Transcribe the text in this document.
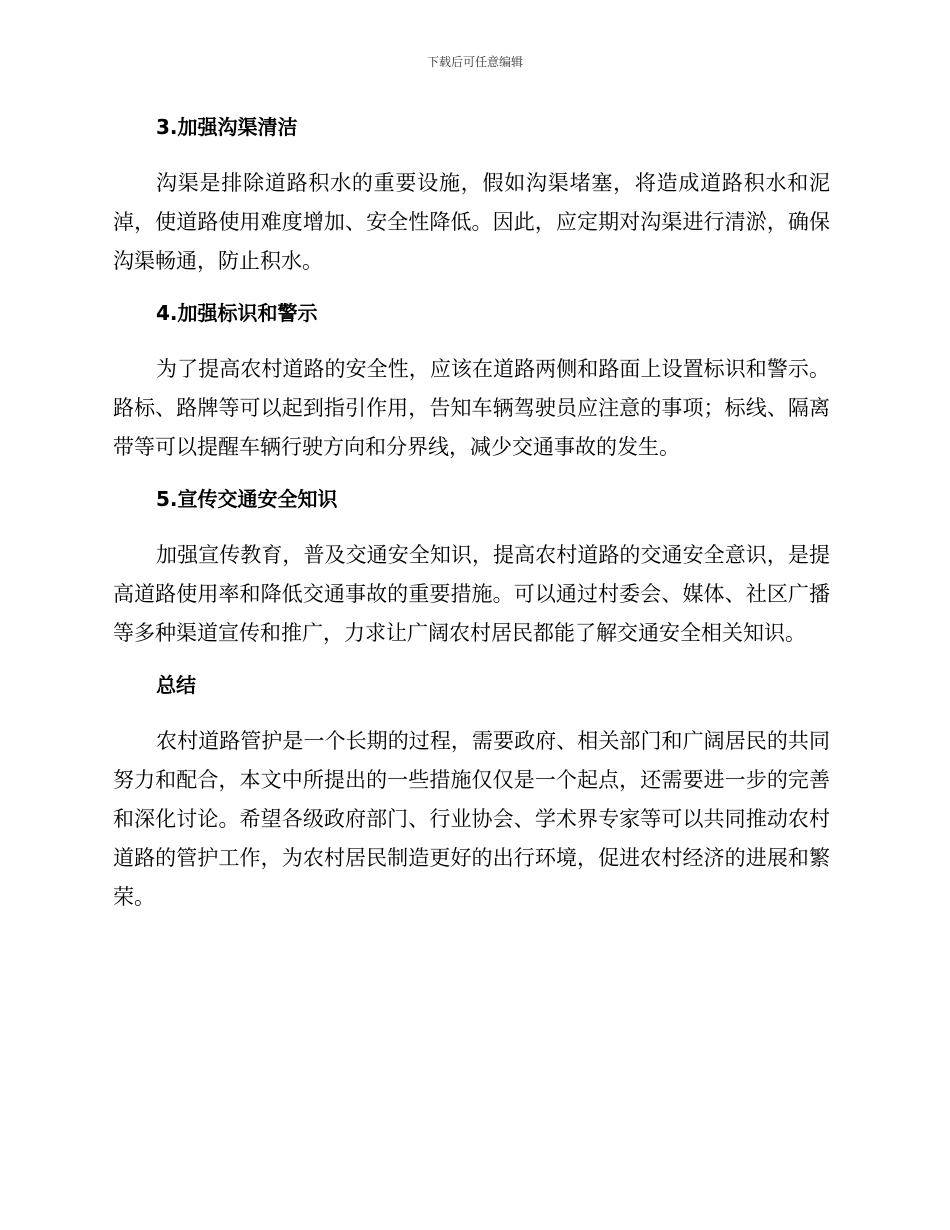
下载后可任意编辑

3.加强沟渠清洁

沟渠是排除道路积水的重要设施，假如沟渠堵塞，将造成道路积水和泥淖，使道路使用难度增加、安全性降低。因此，应定期对沟渠进行清淤，确保沟渠畅通，防止积水。

4.加强标识和警示

为了提高农村道路的安全性，应该在道路两侧和路面上设置标识和警示。路标、路牌等可以起到指引作用，告知车辆驾驶员应注意的事项；标线、隔离带等可以提醒车辆行驶方向和分界线，减少交通事故的发生。

5.宣传交通安全知识

加强宣传教育，普及交通安全知识，提高农村道路的交通安全意识，是提高道路使用率和降低交通事故的重要措施。可以通过村委会、媒体、社区广播等多种渠道宣传和推广，力求让广阔农村居民都能了解交通安全相关知识。

总结

农村道路管护是一个长期的过程，需要政府、相关部门和广阔居民的共同努力和配合，本文中所提出的一些措施仅仅是一个起点，还需要进一步的完善和深化讨论。希望各级政府部门、行业协会、学术界专家等可以共同推动农村道路的管护工作，为农村居民制造更好的出行环境，促进农村经济的进展和繁荣。
